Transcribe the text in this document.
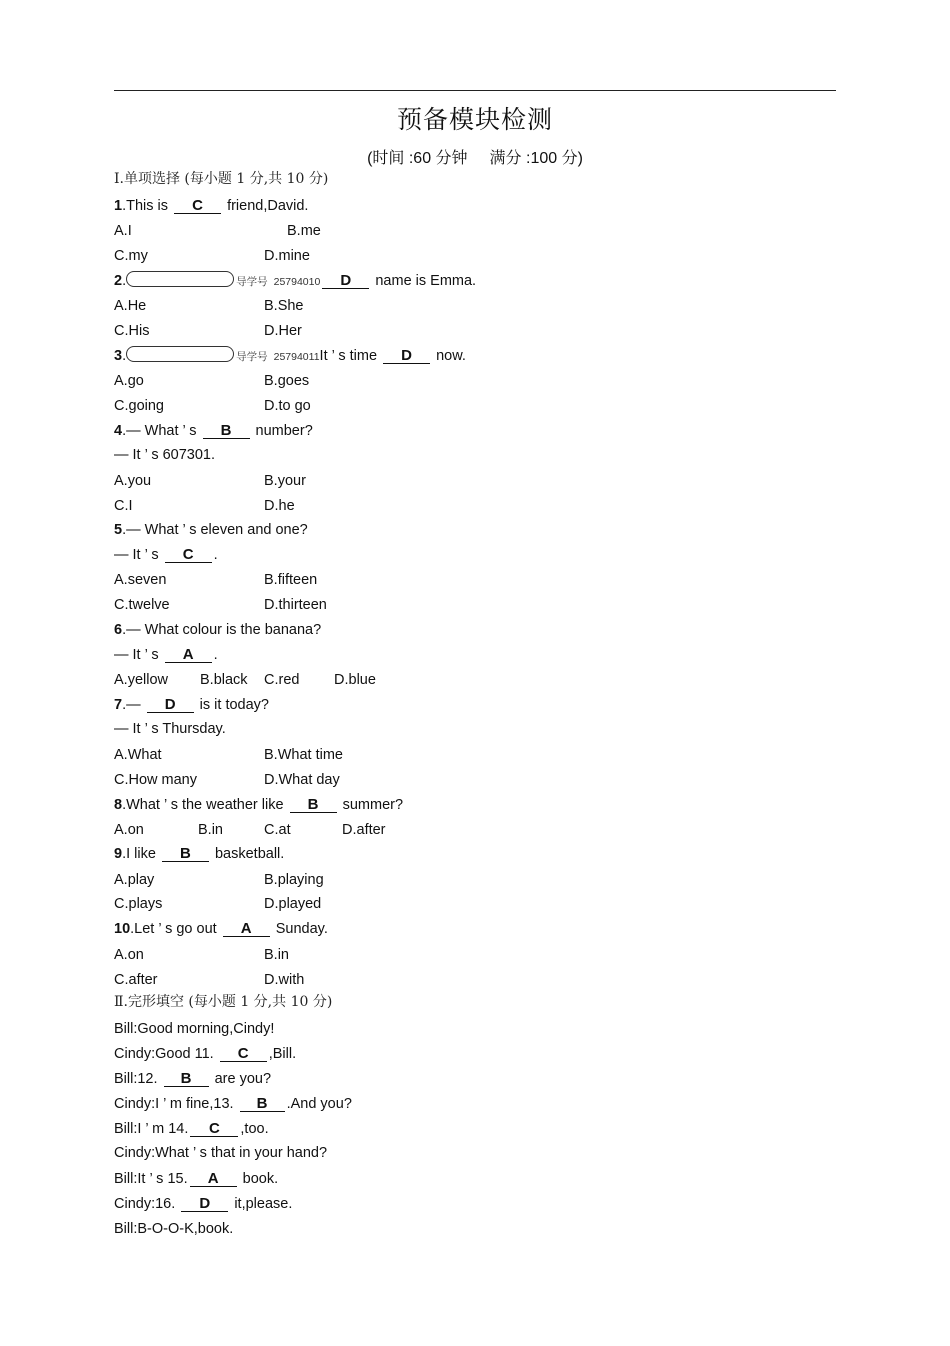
预备模块检测
(时间 :60 分钟 满分 :100 分)
Ⅰ.单项选择 (每小题 1 分,共 10 分)
1.This is C friend,David.
A.I	B.me
C.my	D.mine
2.	导学号 25794010 D name is Emma.
A.He	B.She
C.His	D.Her
3.	导学号 25794011It ’ s time D now.
A.go	B.goes
C.going	D.to go
4.— What ’ s B number?
— It ’ s 607301.
A.you	B.your
C.I	D.he
5.— What ’ s eleven and one?
— It ’ s C .
A.seven	B.fifteen
C.twelve	D.thirteen
6.— What colour is the banana?
— It ’ s A .
A.yellow B.black C.red D.blue
7.— D is it today?
— It ’ s Thursday.
A.What	B.What time
C.How many	D.What day
8.What ’ s the weather like B summer?
A.on	B.in	C.at	D.after
9.I like B basketball.
A.play	B.playing
C.plays	D.played
10.Let ’ s go out A Sunday.
A.on	B.in
C.after	D.with
Ⅱ.完形填空 (每小题 1 分,共 10 分)
Bill:Good morning,Cindy!
Cindy:Good 11. C ,Bill.
Bill:12. B are you?
Cindy:I ’ m fine,13. B .And you?
Bill:I ’ m 14. C ,too.
Cindy:What ’ s that in your hand?
Bill:It ’ s 15. A book.
Cindy:16. D it,please.
Bill:B-O-O-K,book.
